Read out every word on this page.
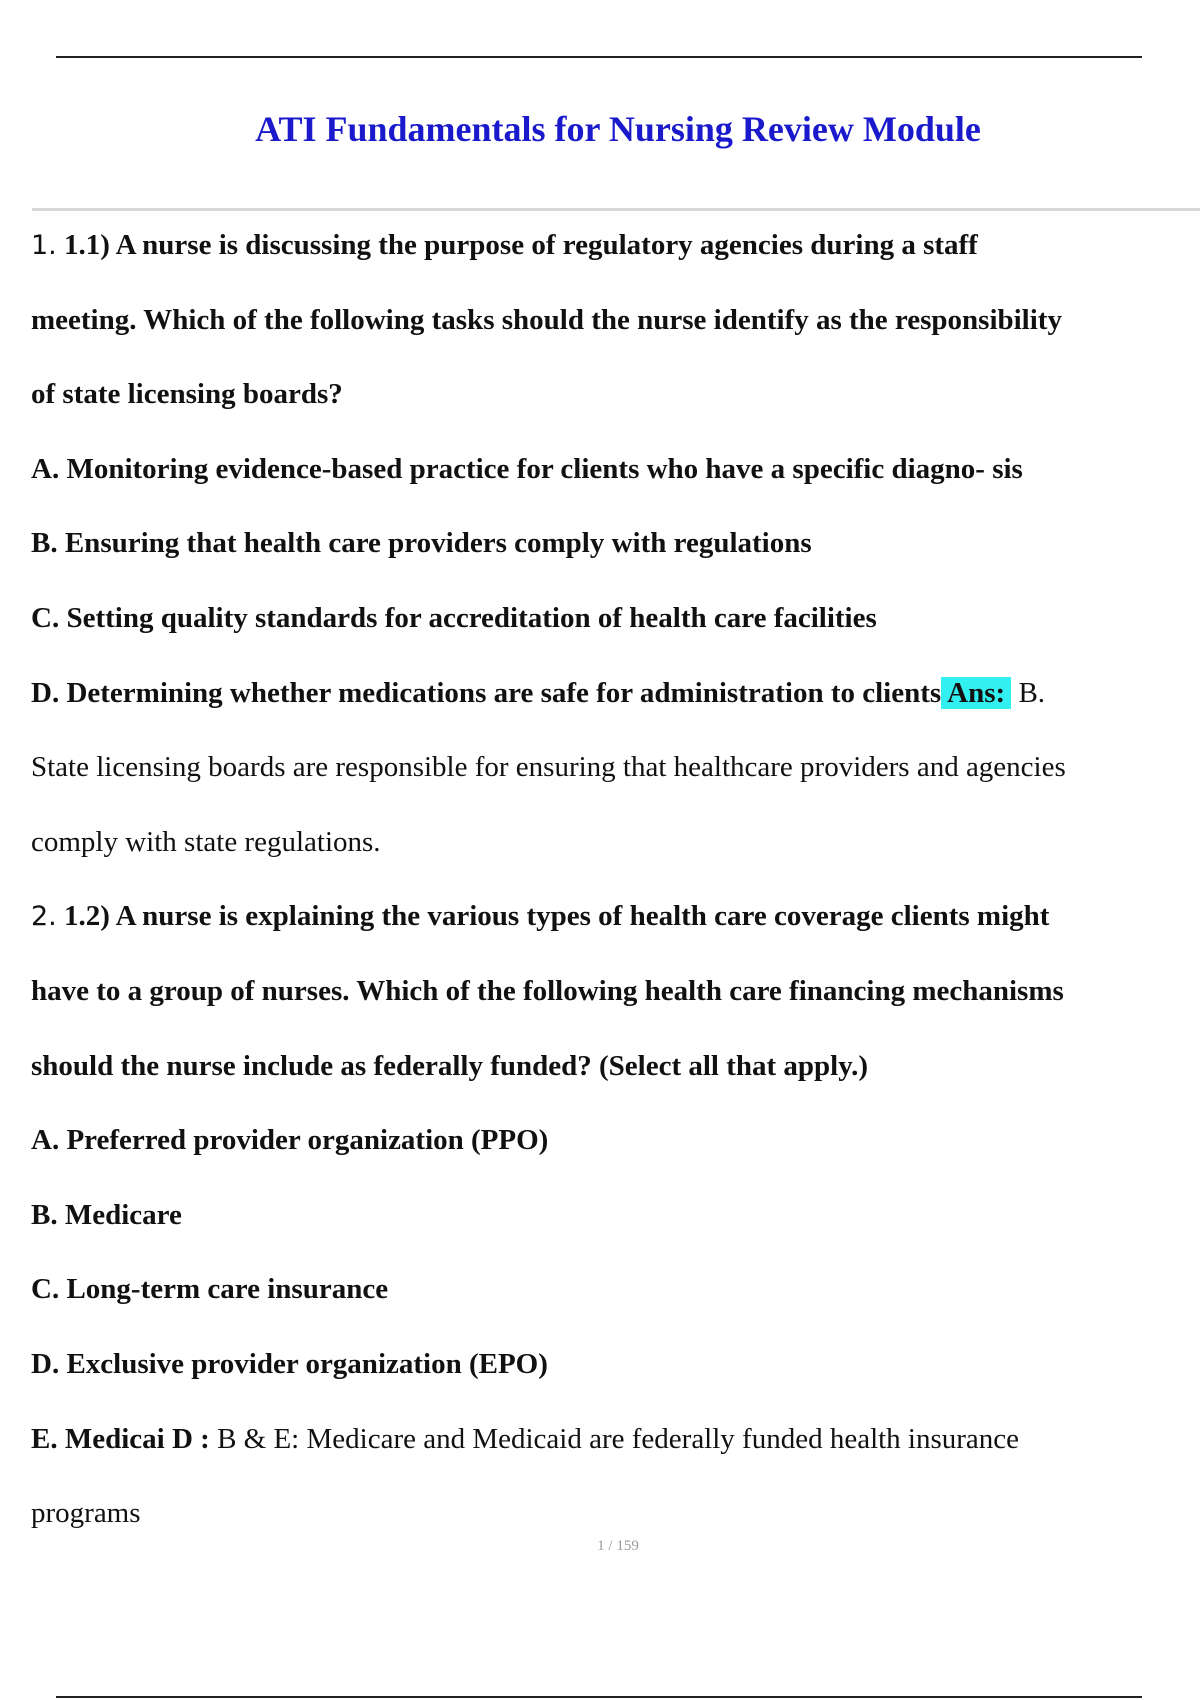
ATI Fundamentals for Nursing Review Module
1. 1.1) A nurse is discussing the purpose of regulatory agencies during a staff
meeting. Which of the following tasks should the nurse identify as the responsibility
of state licensing boards?
A. Monitoring evidence-based practice for clients who have a specific diagno- sis
B. Ensuring that health care providers comply with regulations
C. Setting quality standards for accreditation of health care facilities
D. Determining whether medications are safe for administration to clients Ans: B.
State licensing boards are responsible for ensuring that healthcare providers and agencies
comply with state regulations.
2. 1.2) A nurse is explaining the various types of health care coverage clients might
have to a group of nurses. Which of the following health care financing mechanisms
should the nurse include as federally funded? (Select all that apply.)
A. Preferred provider organization (PPO)
B. Medicare
C. Long-term care insurance
D. Exclusive provider organization (EPO)
E. Medicai D : B & E: Medicare and Medicaid are federally funded health insurance
programs
1 / 159
